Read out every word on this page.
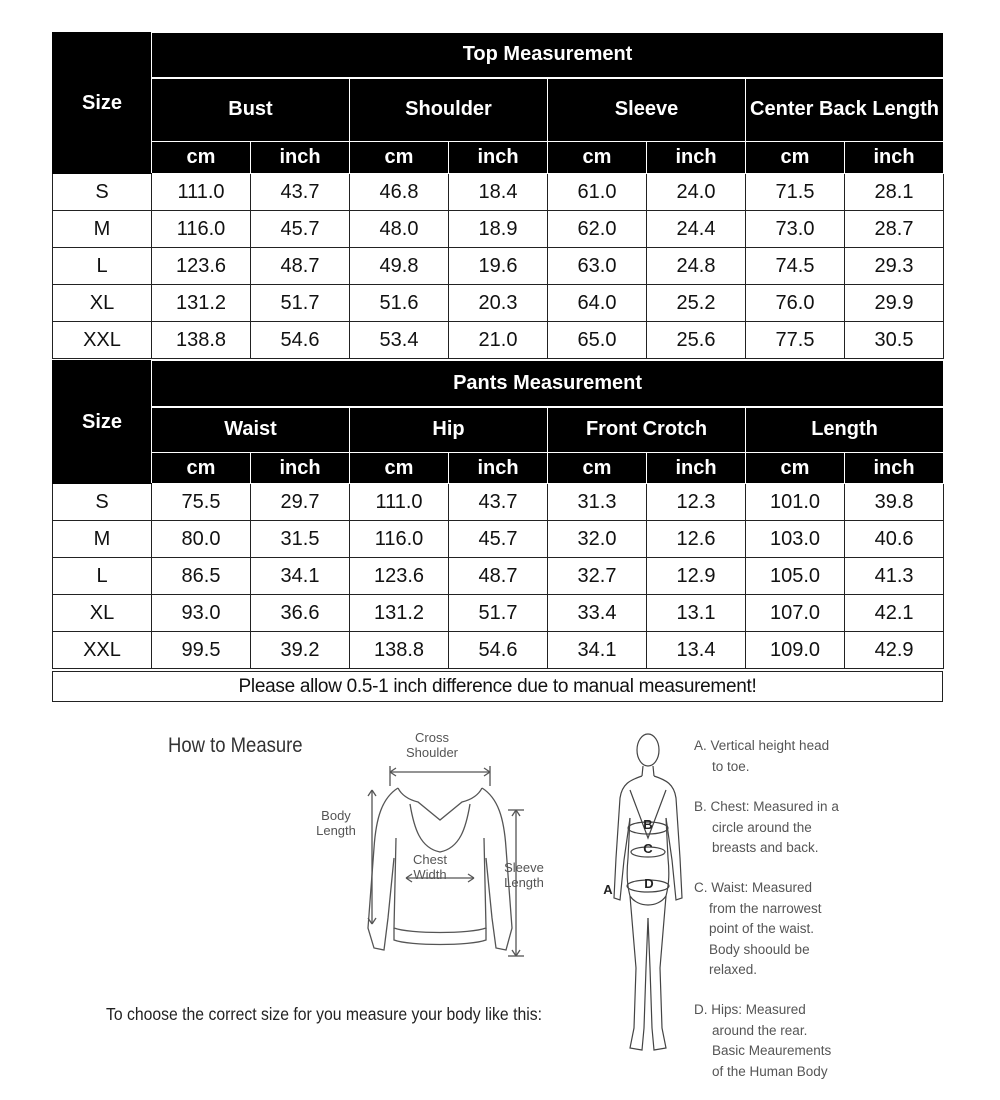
Size	Top Measurement							
	Bust		Shoulder		Sleeve		Center Back Length	
	cm	inch	cm	inch	cm	inch	cm	inch
S	111.0	43.7	46.8	18.4	61.0	24.0	71.5	28.1
M	116.0	45.7	48.0	18.9	62.0	24.4	73.0	28.7
L	123.6	48.7	49.8	19.6	63.0	24.8	74.5	29.3
XL	131.2	51.7	51.6	20.3	64.0	25.2	76.0	29.9
XXL	138.8	54.6	53.4	21.0	65.0	25.6	77.5	30.5
Size	Pants Measurement							
	Waist		Hip		Front Crotch		Length	
	cm	inch	cm	inch	cm	inch	cm	inch
S	75.5	29.7	111.0	43.7	31.3	12.3	101.0	39.8
M	80.0	31.5	116.0	45.7	32.0	12.6	103.0	40.6
L	86.5	34.1	123.6	48.7	32.7	12.9	105.0	41.3
XL	93.0	36.6	131.2	51.7	33.4	13.1	107.0	42.1
XXL	99.5	39.2	138.8	54.6	34.1	13.4	109.0	42.9
Please allow 0.5-1 inch difference due to manual measurement!
How to Measure	Cross
Shoulder
Body
Length
Chest
Width	Sleeve
Length
To choose the correct size for you measure your body like this:
B
C
D
A
A. Vertical height head
to toe.
B. Chest: Measured in a
circle around the
breasts and back.
C. Waist: Measured
from the narrowest
point of the waist.
Body shoould be
relaxed.
D. Hips: Measured
around the rear.
Basic Meaurements
of the Human Body
